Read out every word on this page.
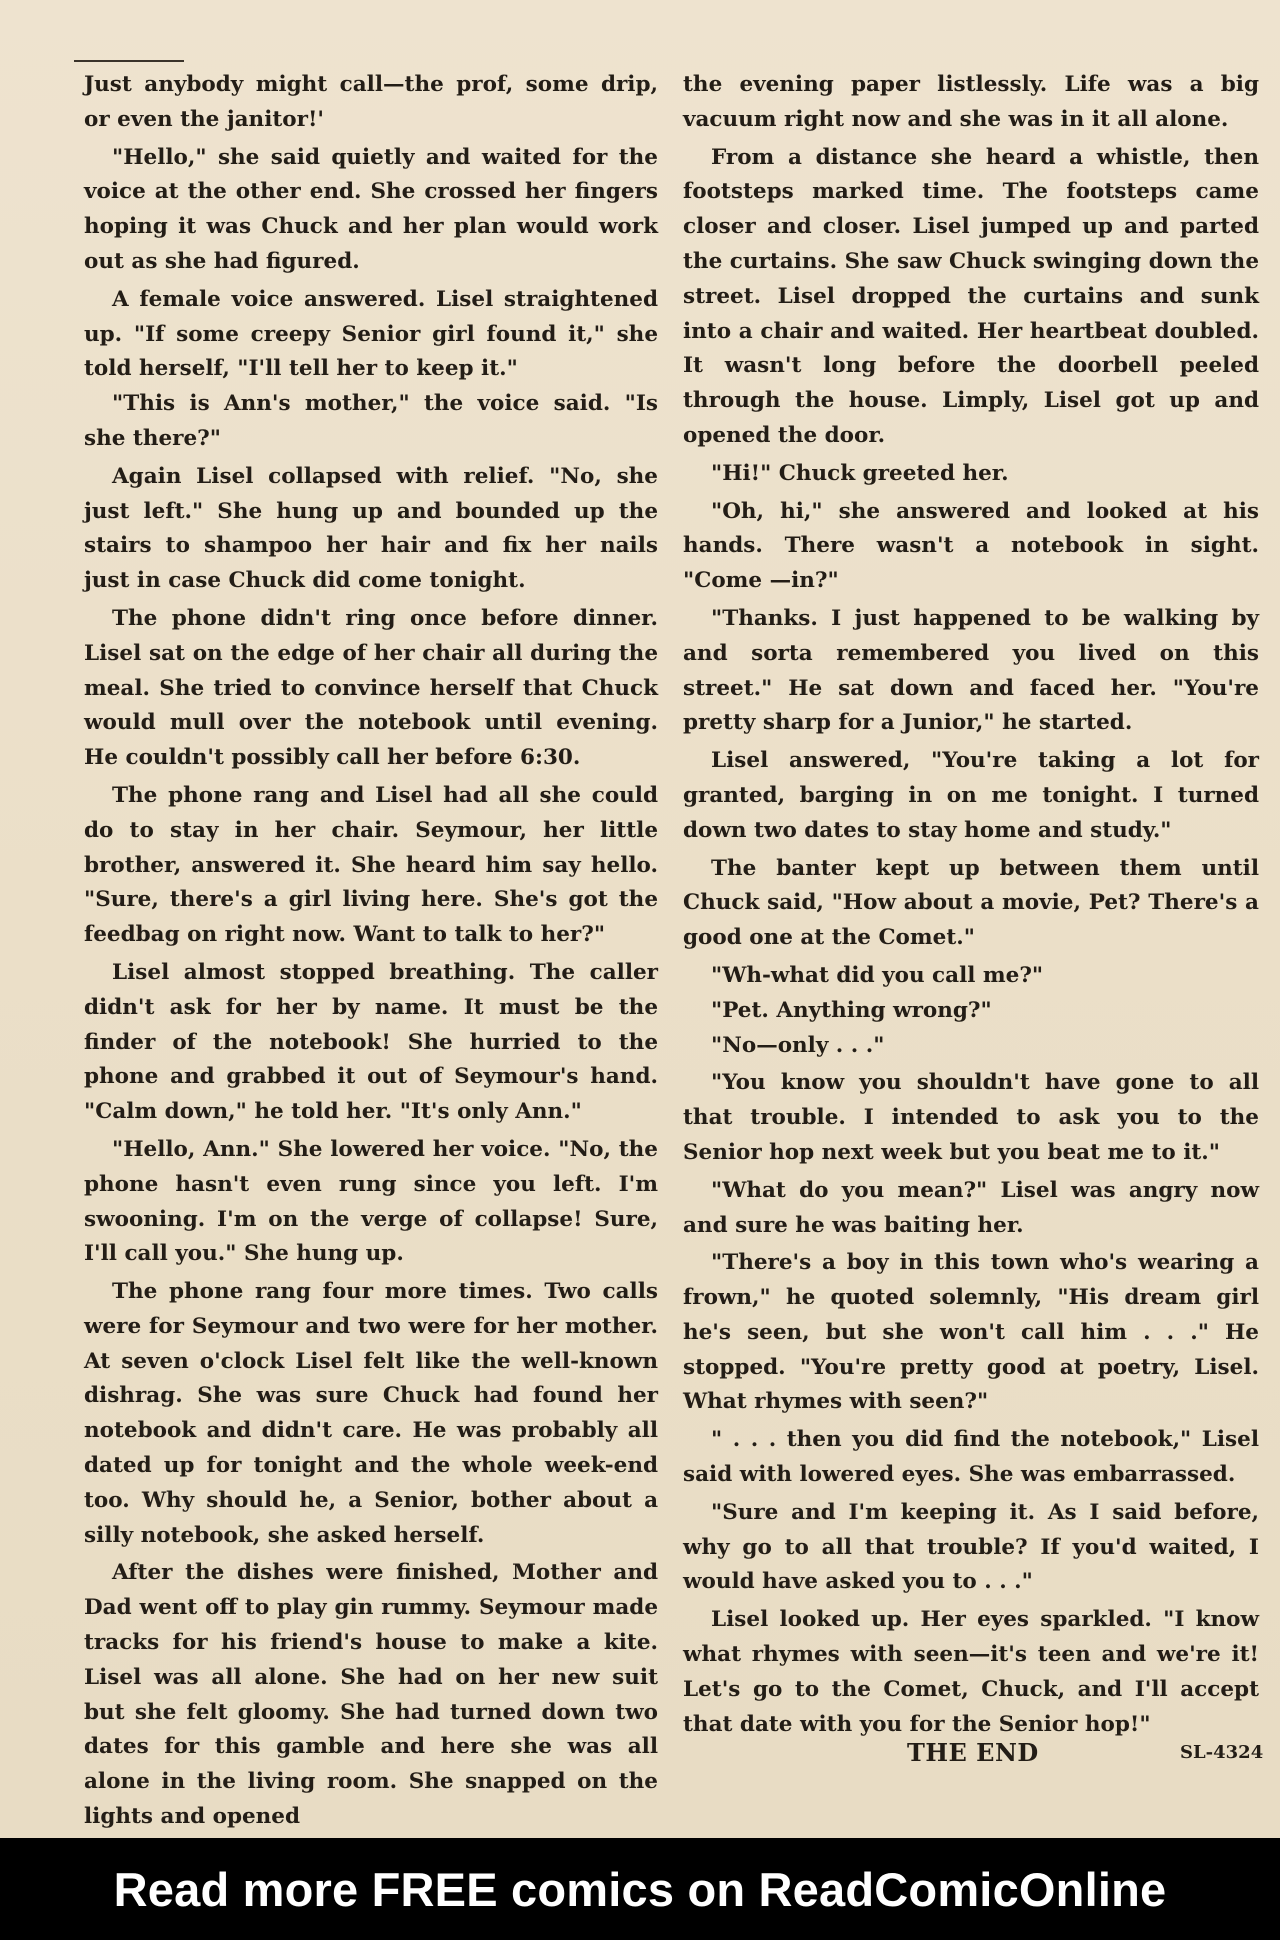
Just anybody might call—the prof, some drip, or even the janitor!'

"Hello," she said quietly and waited for the voice at the other end. She crossed her fingers hoping it was Chuck and her plan would work out as she had figured.

A female voice answered. Lisel straightened up. "If some creepy Senior girl found it," she told herself, "I'll tell her to keep it."

"This is Ann's mother," the voice said. "Is she there?"

Again Lisel collapsed with relief. "No, she just left." She hung up and bounded up the stairs to shampoo her hair and fix her nails just in case Chuck did come tonight.

The phone didn't ring once before dinner. Lisel sat on the edge of her chair all during the meal. She tried to convince herself that Chuck would mull over the notebook until evening. He couldn't possibly call her before 6:30.

The phone rang and Lisel had all she could do to stay in her chair. Seymour, her little brother, answered it. She heard him say hello. "Sure, there's a girl living here. She's got the feedbag on right now. Want to talk to her?"

Lisel almost stopped breathing. The caller didn't ask for her by name. It must be the finder of the notebook! She hurried to the phone and grabbed it out of Seymour's hand. "Calm down," he told her. "It's only Ann."

"Hello, Ann." She lowered her voice. "No, the phone hasn't even rung since you left. I'm swooning. I'm on the verge of collapse! Sure, I'll call you." She hung up.

The phone rang four more times. Two calls were for Seymour and two were for her mother. At seven o'clock Lisel felt like the well-known dishrag. She was sure Chuck had found her notebook and didn't care. He was probably all dated up for tonight and the whole week-end too. Why should he, a Senior, bother about a silly notebook, she asked herself.

After the dishes were finished, Mother and Dad went off to play gin rummy. Seymour made tracks for his friend's house to make a kite. Lisel was all alone. She had on her new suit but she felt gloomy. She had turned down two dates for this gamble and here she was all alone in the living room. She snapped on the lights and opened

the evening paper listlessly. Life was a big vacuum right now and she was in it all alone.

From a distance she heard a whistle, then footsteps marked time. The footsteps came closer and closer. Lisel jumped up and parted the curtains. She saw Chuck swinging down the street. Lisel dropped the curtains and sunk into a chair and waited. Her heartbeat doubled. It wasn't long before the doorbell peeled through the house. Limply, Lisel got up and opened the door.

"Hi!" Chuck greeted her.

"Oh, hi," she answered and looked at his hands. There wasn't a notebook in sight. "Come —in?"

"Thanks. I just happened to be walking by and sorta remembered you lived on this street." He sat down and faced her. "You're pretty sharp for a Junior," he started.

Lisel answered, "You're taking a lot for granted, barging in on me tonight. I turned down two dates to stay home and study."

The banter kept up between them until Chuck said, "How about a movie, Pet? There's a good one at the Comet."

"Wh-what did you call me?"

"Pet. Anything wrong?"

"No—only . . ."

"You know you shouldn't have gone to all that trouble. I intended to ask you to the Senior hop next week but you beat me to it."

"What do you mean?" Lisel was angry now and sure he was baiting her.

"There's a boy in this town who's wearing a frown," he quoted solemnly, "His dream girl he's seen, but she won't call him . . ." He stopped. "You're pretty good at poetry, Lisel. What rhymes with seen?"

" . . . then you did find the notebook," Lisel said with lowered eyes. She was embarrassed.

"Sure and I'm keeping it. As I said before, why go to all that trouble? If you'd waited, I would have asked you to . . ."

Lisel looked up. Her eyes sparkled. "I know what rhymes with seen—it's teen and we're it! Let's go to the Comet, Chuck, and I'll accept that date with you for the Senior hop!"

THE END	SL-4324
Read more FREE comics on ReadComicOnline
